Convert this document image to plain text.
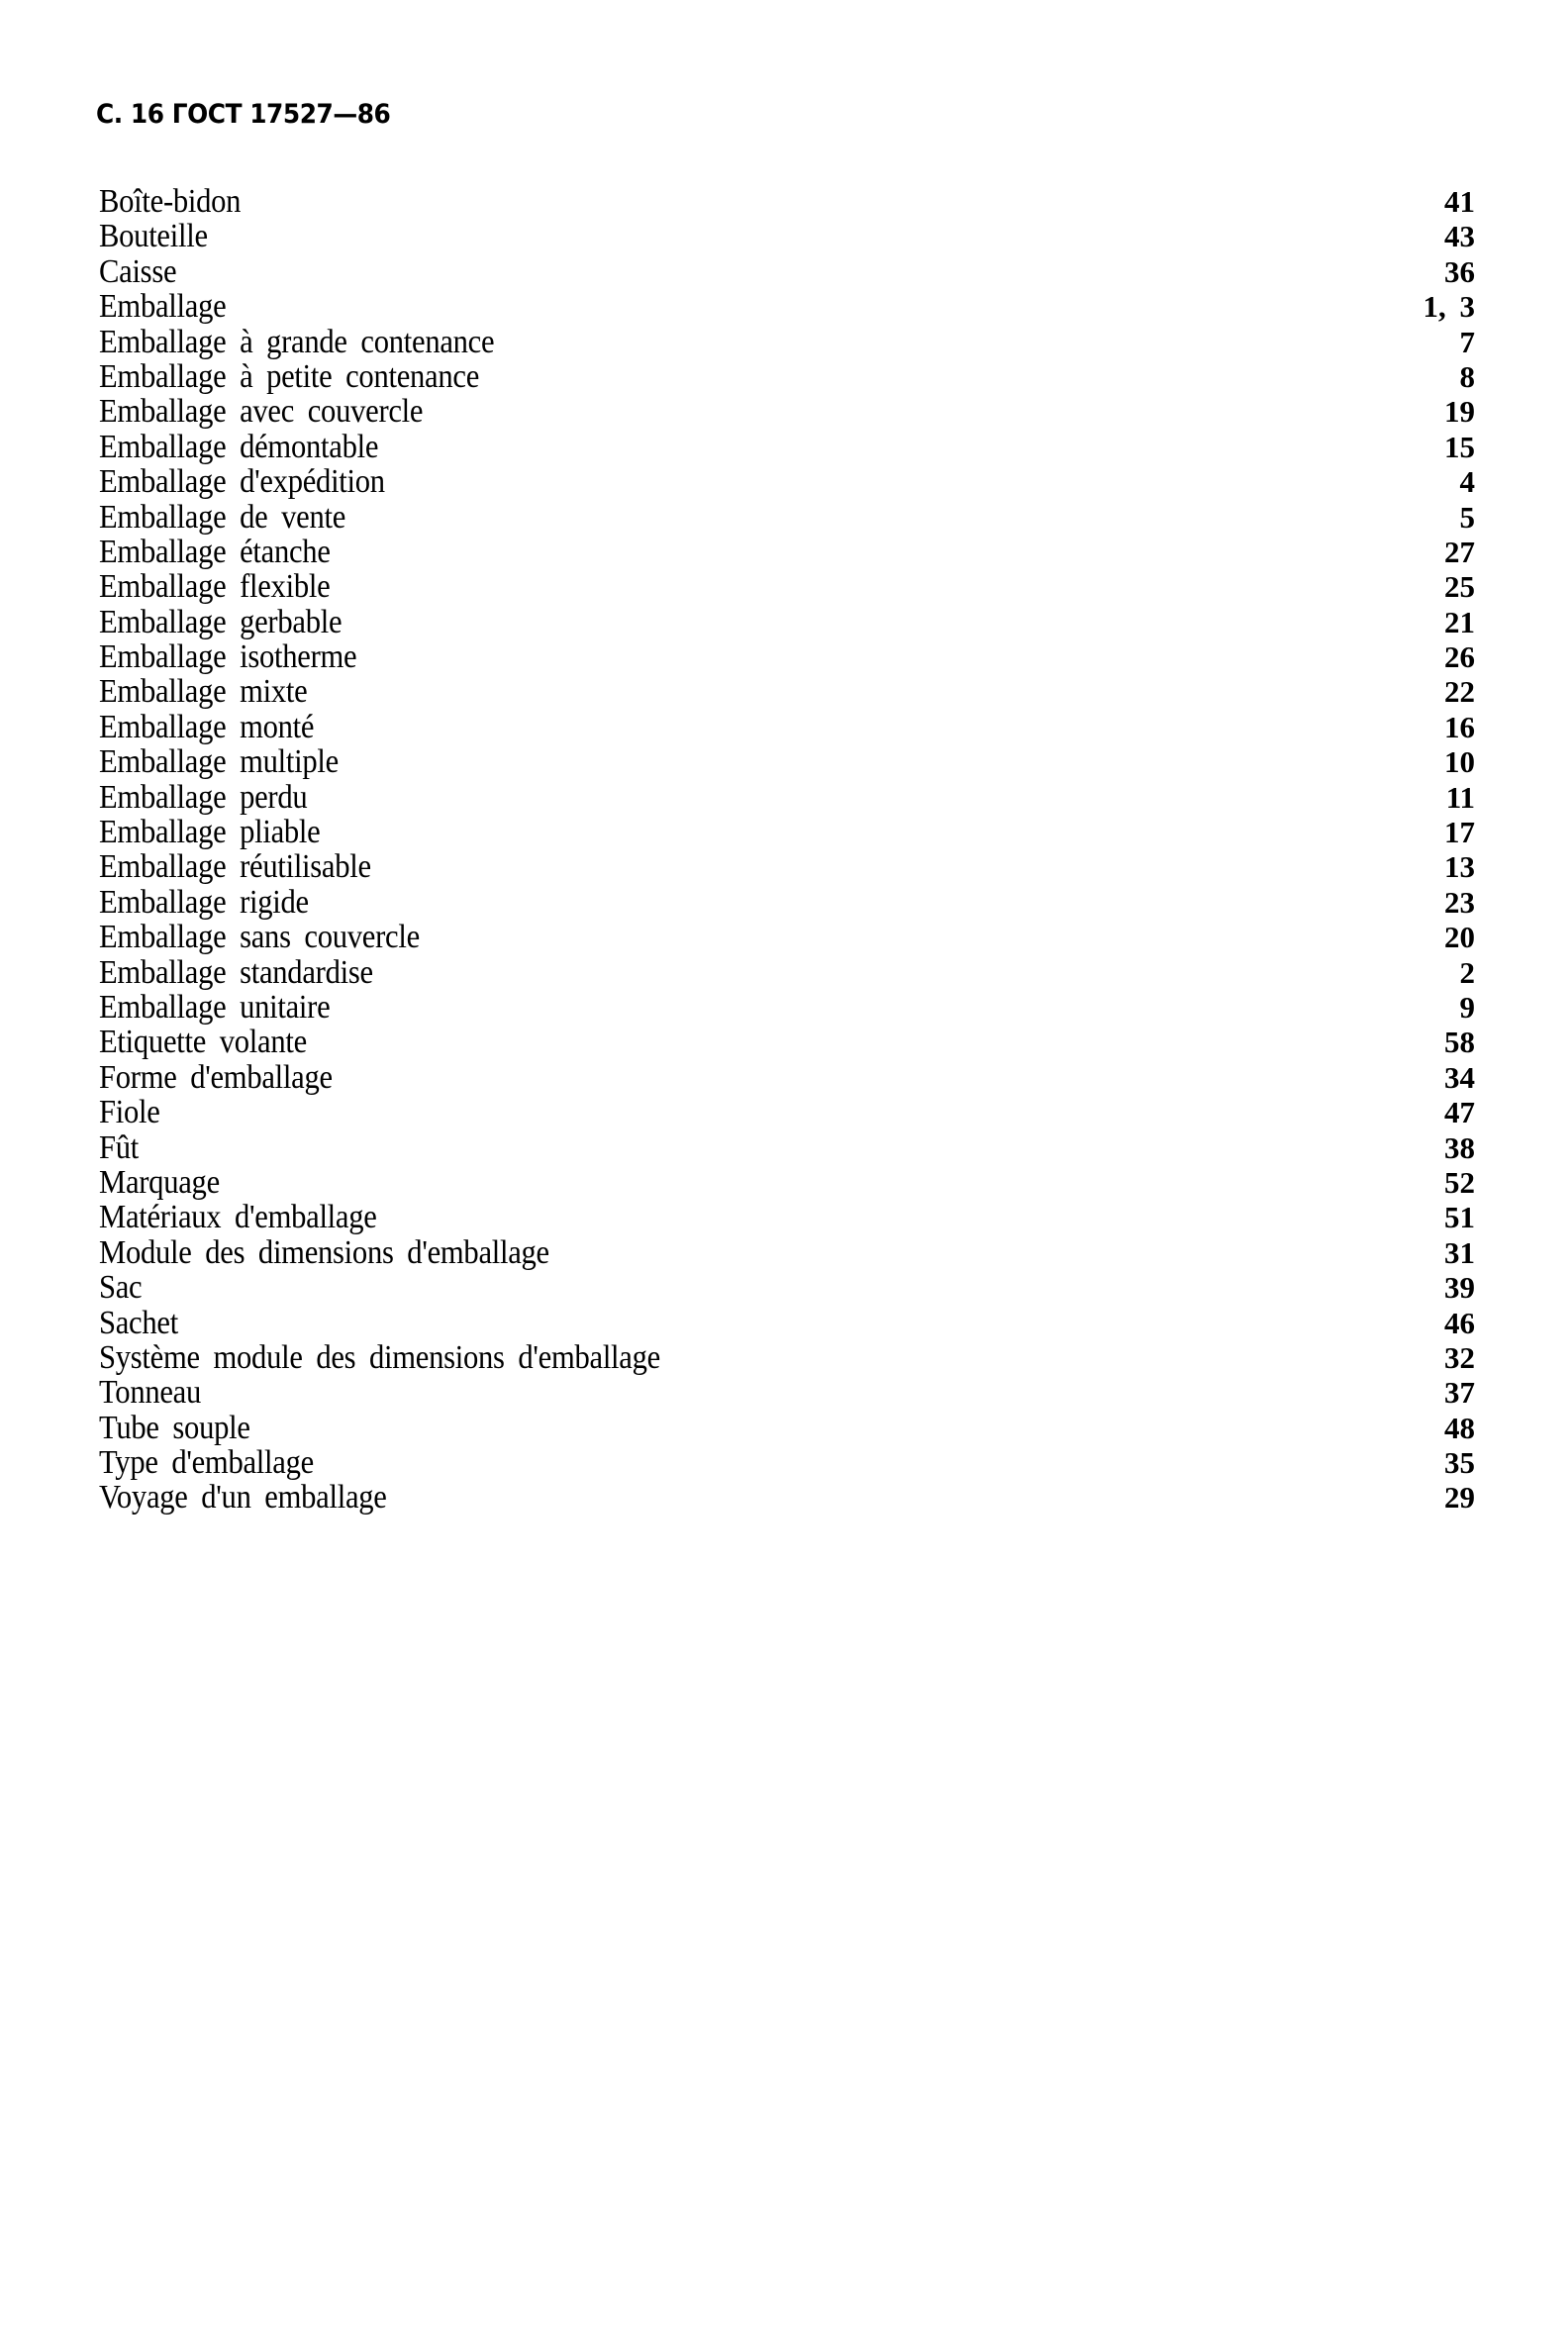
С. 16 ГОСТ 17527—86
Boîte-bidon	41
Bouteille	43
Caisse	36
Emballage	1, 3
Emballage à grande contenance	7
Emballage à petite contenance	8
Emballage avec couvercle	19
Emballage démontable	15
Emballage d'expédition	4
Emballage de vente	5
Emballage étanche	27
Emballage flexible	25
Emballage gerbable	21
Emballage isotherme	26
Emballage mixte	22
Emballage monté	16
Emballage multiple	10
Emballage perdu	11
Emballage pliable	17
Emballage réutilisable	13
Emballage rigide	23
Emballage sans couvercle	20
Emballage standardise	2
Emballage unitaire	9
Etiquette volante	58
Forme d'emballage	34
Fiole	47
Fût	38
Marquage	52
Matériaux d'emballage	51
Module des dimensions d'emballage	31
Sac	39
Sachet	46
Système module des dimensions d'emballage	32
Tonneau	37
Tube souple	48
Type d'emballage	35
Voyage d'un emballage	29
